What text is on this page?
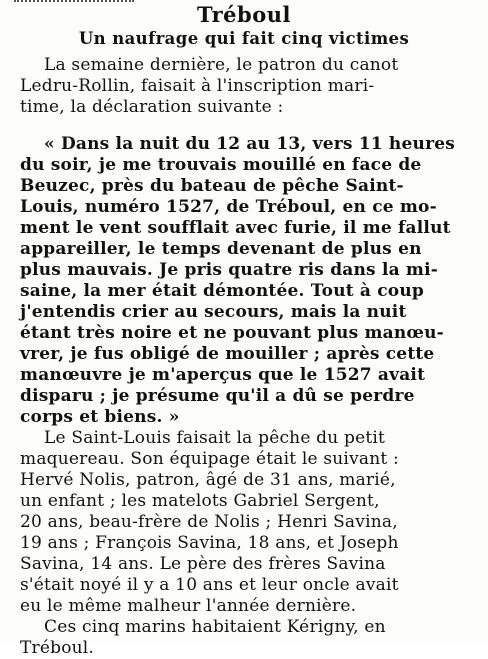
Tréboul
Un naufrage qui fait cinq victimes
La semaine dernière, le patron du canot
Ledru-Rollin, faisait à l'inscription mari-
time, la déclaration suivante :
« Dans la nuit du 12 au 13, vers 11 heures
du soir, je me trouvais mouillé en face de
Beuzec, près du bateau de pêche Saint-
Louis, numéro 1527, de Tréboul, en ce mo-
ment le vent soufflait avec furie, il me fallut
appareiller, le temps devenant de plus en
plus mauvais. Je pris quatre ris dans la mi-
saine, la mer était démontée. Tout à coup
j'entendis crier au secours, mais la nuit
étant très noire et ne pouvant plus manœu-
vrer, je fus obligé de mouiller ; après cette
manœuvre je m'aperçus que le 1527 avait
disparu ; je présume qu'il a dû se perdre
corps et biens. »
Le Saint-Louis faisait la pêche du petit
maquereau. Son équipage était le suivant :
Hervé Nolis, patron, âgé de 31 ans, marié,
un enfant ; les matelots Gabriel Sergent,
20 ans, beau-frère de Nolis ; Henri Savina,
19 ans ; François Savina, 18 ans, et Joseph
Savina, 14 ans. Le père des frères Savina
s'était noyé il y a 10 ans et leur oncle avait
eu le même malheur l'année dernière.
Ces cinq marins habitaient Kérigny, en
Tréboul.
